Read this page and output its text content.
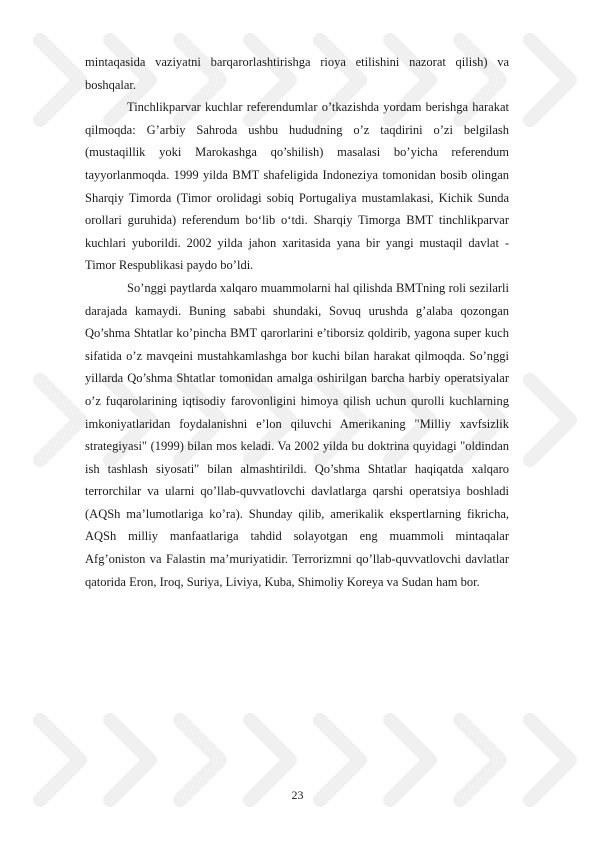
mintaqasida vaziyatni barqarorlashtirishga rioya etilishini nazorat qilish) va boshqalar.

Tinchlikparvar kuchlar referendumlar o’tkazishda yordam berishga harakat qilmoqda: G’arbiy Sahroda ushbu hududning o’z taqdirini o’zi belgilash (mustaqillik yoki Marokashga qo’shilish) masalasi bo’yicha referendum tayyorlanmoqda. 1999 yilda BMT shafeligida Indoneziya tomonidan bosib olingan Sharqiy Timorda (Timor orolidagi sobiq Portugaliya mustamlakasi, Kichik Sunda orollari guruhida) referendum bo‘lib o‘tdi. Sharqiy Timorga BMT tinchlikparvar kuchlari yuborildi. 2002 yilda jahon xaritasida yana bir yangi mustaqil davlat - Timor Respublikasi paydo bo’ldi.

So’nggi paytlarda xalqaro muammolarni hal qilishda BMTning roli sezilarli darajada kamaydi. Buning sababi shundaki, Sovuq urushda g’alaba qozongan Qo’shma Shtatlar ko’pincha BMT qarorlarini e’tiborsiz qoldirib, yagona super kuch sifatida o’z mavqeini mustahkamlashga bor kuchi bilan harakat qilmoqda. So’nggi yillarda Qo’shma Shtatlar tomonidan amalga oshirilgan barcha harbiy operatsiyalar o’z fuqarolarining iqtisodiy farovonligini himoya qilish uchun qurolli kuchlarning imkoniyatlaridan foydalanishni e’lon qiluvchi Amerikaning "Milliy xavfsizlik strategiyasi" (1999) bilan mos keladi. Va 2002 yilda bu doktrina quyidagi "oldindan ish tashlash siyosati" bilan almashtirildi. Qo’shma Shtatlar haqiqatda xalqaro terrorchilar va ularni qo’llab-quvvatlovchi davlatlarga qarshi operatsiya boshladi (AQSh ma’lumotlariga ko’ra). Shunday qilib, amerikalik ekspertlarning fikricha, AQSh milliy manfaatlariga tahdid solayotgan eng muammoli mintaqalar Afg’oniston va Falastin ma’muriyatidir. Terrorizmni qo’llab-quvvatlovchi davlatlar qatorida Eron, Iroq, Suriya, Liviya, Kuba, Shimoliy Koreya va Sudan ham bor.

23
